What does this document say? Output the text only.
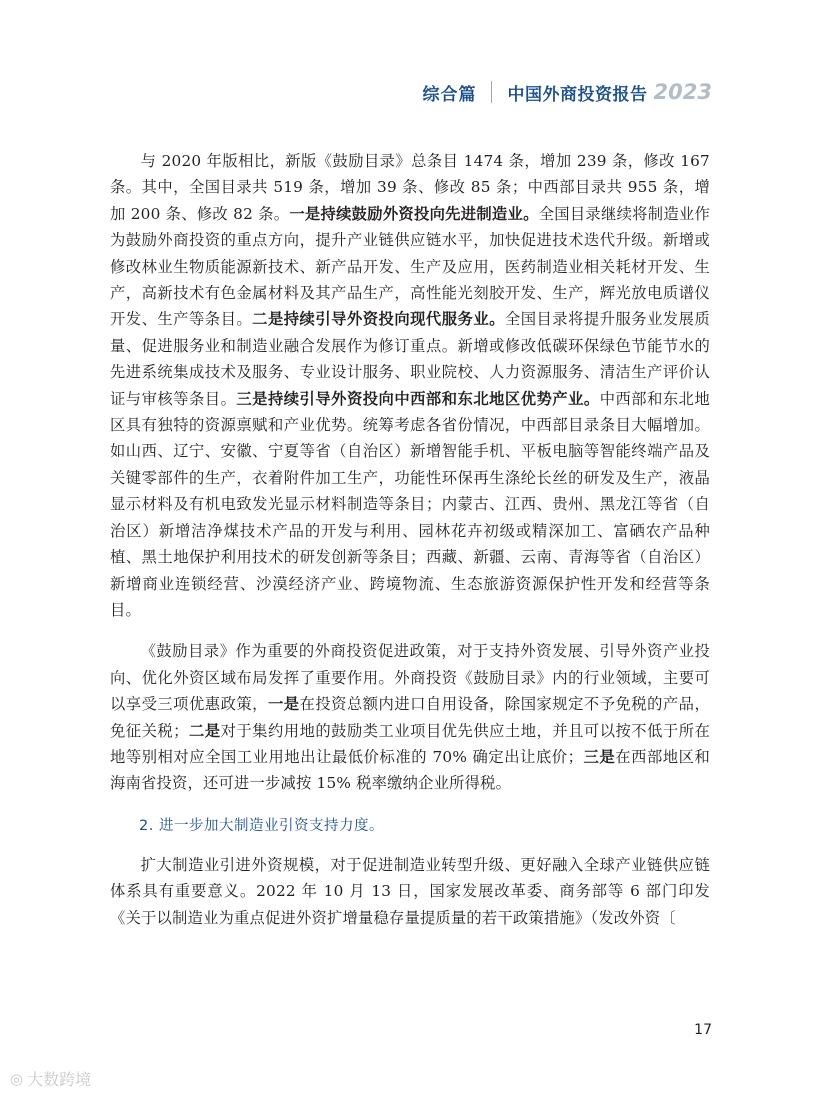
综合篇 中国外商投资报告 2023

与 2020 年版相比，新版《鼓励目录》总条目 1474 条，增加 239 条，修改 167 条。其中，全国目录共 519 条，增加 39 条、修改 85 条；中西部目录共 955 条，增加 200 条、修改 82 条。一是持续鼓励外资投向先进制造业。全国目录继续将制造业作为鼓励外商投资的重点方向，提升产业链供应链水平，加快促进技术迭代升级。新增或修改林业生物质能源新技术、新产品开发、生产及应用，医药制造业相关耗材开发、生产，高新技术有色金属材料及其产品生产，高性能光刻胶开发、生产，辉光放电质谱仪开发、生产等条目。二是持续引导外资投向现代服务业。全国目录将提升服务业发展质量、促进服务业和制造业融合发展作为修订重点。新增或修改低碳环保绿色节能节水的先进系统集成技术及服务、专业设计服务、职业院校、人力资源服务、清洁生产评价认证与审核等条目。三是持续引导外资投向中西部和东北地区优势产业。中西部和东北地区具有独特的资源禀赋和产业优势。统筹考虑各省份情况，中西部目录条目大幅增加。如山西、辽宁、安徽、宁夏等省（自治区）新增智能手机、平板电脑等智能终端产品及关键零部件的生产，衣着附件加工生产，功能性环保再生涤纶长丝的研发及生产，液晶显示材料及有机电致发光显示材料制造等条目；内蒙古、江西、贵州、黑龙江等省（自治区）新增洁净煤技术产品的开发与利用、园林花卉初级或精深加工、富硒农产品种植、黑土地保护利用技术的研发创新等条目；西藏、新疆、云南、青海等省（自治区）新增商业连锁经营、沙漠经济产业、跨境物流、生态旅游资源保护性开发和经营等条目。

《鼓励目录》作为重要的外商投资促进政策，对于支持外资发展、引导外资产业投向、优化外资区域布局发挥了重要作用。外商投资《鼓励目录》内的行业领域，主要可以享受三项优惠政策，一是在投资总额内进口自用设备，除国家规定不予免税的产品，免征关税；二是对于集约用地的鼓励类工业项目优先供应土地，并且可以按不低于所在地等别相对应全国工业用地出让最低价标准的 70% 确定出让底价；三是在西部地区和海南省投资，还可进一步减按 15% 税率缴纳企业所得税。

2. 进一步加大制造业引资支持力度。

扩大制造业引进外资规模，对于促进制造业转型升级、更好融入全球产业链供应链体系具有重要意义。2022 年 10 月 13 日，国家发展改革委、商务部等 6 部门印发《关于以制造业为重点促进外资扩增量稳存量提质量的若干政策措施》（发改外资〔

17
◎ 大数跨境
